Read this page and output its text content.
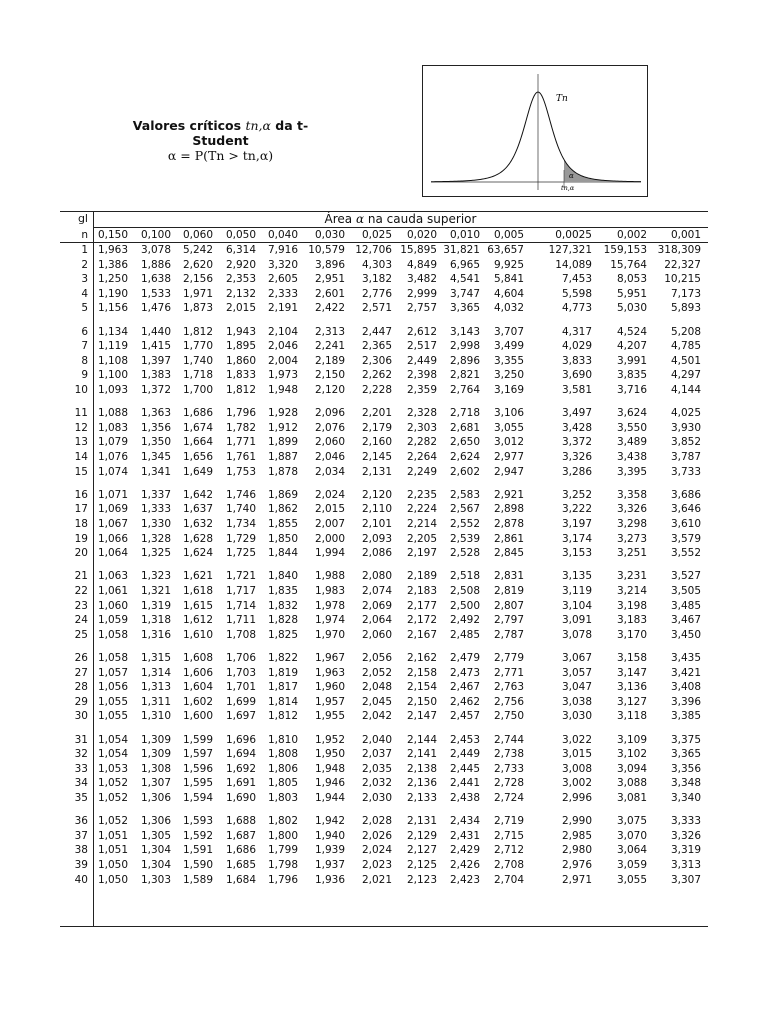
Valores críticos tn,α da t-Student
α = P(Tn > tn,α)
Tn
α
tn,α
gl
n
Área α na cauda superior
0,150 0,100 0,060 0,050 0,040 0,030 0,025 0,020 0,010 0,005	0,0025 0,002 0,001
1 1,963 3,078 5,242 6,314 7,916 10,579 12,706 15,895 31,821 63,657 127,321 159,153 318,309
2 1,386 1,886 2,620 2,920 3,320 3,896 4,303 4,849 6,965 9,925	14,089 15,764 22,327
3 1,250 1,638 2,156 2,353 2,605 2,951 3,182 3,482 4,541 5,841	7,453 8,053 10,215
4 1,190 1,533 1,971 2,132 2,333 2,601 2,776 2,999 3,747 4,604	5,598 5,951 7,173
5 1,156 1,476 1,873 2,015 2,191 2,422 2,571 2,757 3,365 4,032	4,773 5,030 5,893
6 1,134 1,440 1,812 1,943 2,104 2,313 2,447 2,612 3,143 3,707	4,317 4,524 5,208
7 1,119 1,415 1,770 1,895 2,046 2,241 2,365 2,517 2,998 3,499	4,029 4,207 4,785
8 1,108 1,397 1,740 1,860 2,004 2,189 2,306 2,449 2,896 3,355	3,833 3,991 4,501
9 1,100 1,383 1,718 1,833 1,973 2,150 2,262 2,398 2,821 3,250	3,690 3,835 4,297
10 1,093 1,372 1,700 1,812 1,948 2,120 2,228 2,359 2,764 3,169	3,581 3,716 4,144
11 1,088 1,363 1,686 1,796 1,928 2,096 2,201 2,328 2,718 3,106	3,497 3,624 4,025
12 1,083 1,356 1,674 1,782 1,912 2,076 2,179 2,303 2,681 3,055	3,428 3,550 3,930
13 1,079 1,350 1,664 1,771 1,899 2,060 2,160 2,282 2,650 3,012	3,372 3,489 3,852
14 1,076 1,345 1,656 1,761 1,887 2,046 2,145 2,264 2,624 2,977	3,326 3,438 3,787
15 1,074 1,341 1,649 1,753 1,878 2,034 2,131 2,249 2,602 2,947	3,286 3,395 3,733
16 1,071 1,337 1,642 1,746 1,869 2,024 2,120 2,235 2,583 2,921	3,252 3,358 3,686
17 1,069 1,333 1,637 1,740 1,862 2,015 2,110 2,224 2,567 2,898	3,222 3,326 3,646
18 1,067 1,330 1,632 1,734 1,855 2,007 2,101 2,214 2,552 2,878	3,197 3,298 3,610
19 1,066 1,328 1,628 1,729 1,850 2,000 2,093 2,205 2,539 2,861	3,174 3,273 3,579
20 1,064 1,325 1,624 1,725 1,844 1,994 2,086 2,197 2,528 2,845	3,153 3,251 3,552
21 1,063 1,323 1,621 1,721 1,840 1,988 2,080 2,189 2,518 2,831	3,135 3,231 3,527
22 1,061 1,321 1,618 1,717 1,835 1,983 2,074 2,183 2,508 2,819	3,119 3,214 3,505
23 1,060 1,319 1,615 1,714 1,832 1,978 2,069 2,177 2,500 2,807	3,104 3,198 3,485
24 1,059 1,318 1,612 1,711 1,828 1,974 2,064 2,172 2,492 2,797	3,091 3,183 3,467
25 1,058 1,316 1,610 1,708 1,825 1,970 2,060 2,167 2,485 2,787	3,078 3,170 3,450
26 1,058 1,315 1,608 1,706 1,822 1,967 2,056 2,162 2,479 2,779	3,067 3,158 3,435
27 1,057 1,314 1,606 1,703 1,819 1,963 2,052 2,158 2,473 2,771	3,057 3,147 3,421
28 1,056 1,313 1,604 1,701 1,817 1,960 2,048 2,154 2,467 2,763	3,047 3,136 3,408
29 1,055 1,311 1,602 1,699 1,814 1,957 2,045 2,150 2,462 2,756	3,038 3,127 3,396
30 1,055 1,310 1,600 1,697 1,812 1,955 2,042 2,147 2,457 2,750	3,030 3,118 3,385
31 1,054 1,309 1,599 1,696 1,810 1,952 2,040 2,144 2,453 2,744	3,022 3,109 3,375
32 1,054 1,309 1,597 1,694 1,808 1,950 2,037 2,141 2,449 2,738	3,015 3,102 3,365
33 1,053 1,308 1,596 1,692 1,806 1,948 2,035 2,138 2,445 2,733	3,008 3,094 3,356
34 1,052 1,307 1,595 1,691 1,805 1,946 2,032 2,136 2,441 2,728	3,002 3,088 3,348
35 1,052 1,306 1,594 1,690 1,803 1,944 2,030 2,133 2,438 2,724	2,996 3,081 3,340
36 1,052 1,306 1,593 1,688 1,802 1,942 2,028 2,131 2,434 2,719	2,990 3,075 3,333
37 1,051 1,305 1,592 1,687 1,800 1,940 2,026 2,129 2,431 2,715	2,985 3,070 3,326
38 1,051 1,304 1,591 1,686 1,799 1,939 2,024 2,127 2,429 2,712	2,980 3,064 3,319
39 1,050 1,304 1,590 1,685 1,798 1,937 2,023 2,125 2,426 2,708	2,976 3,059 3,313
40 1,050 1,303 1,589 1,684 1,796 1,936 2,021 2,123 2,423 2,704	2,971 3,055 3,307
